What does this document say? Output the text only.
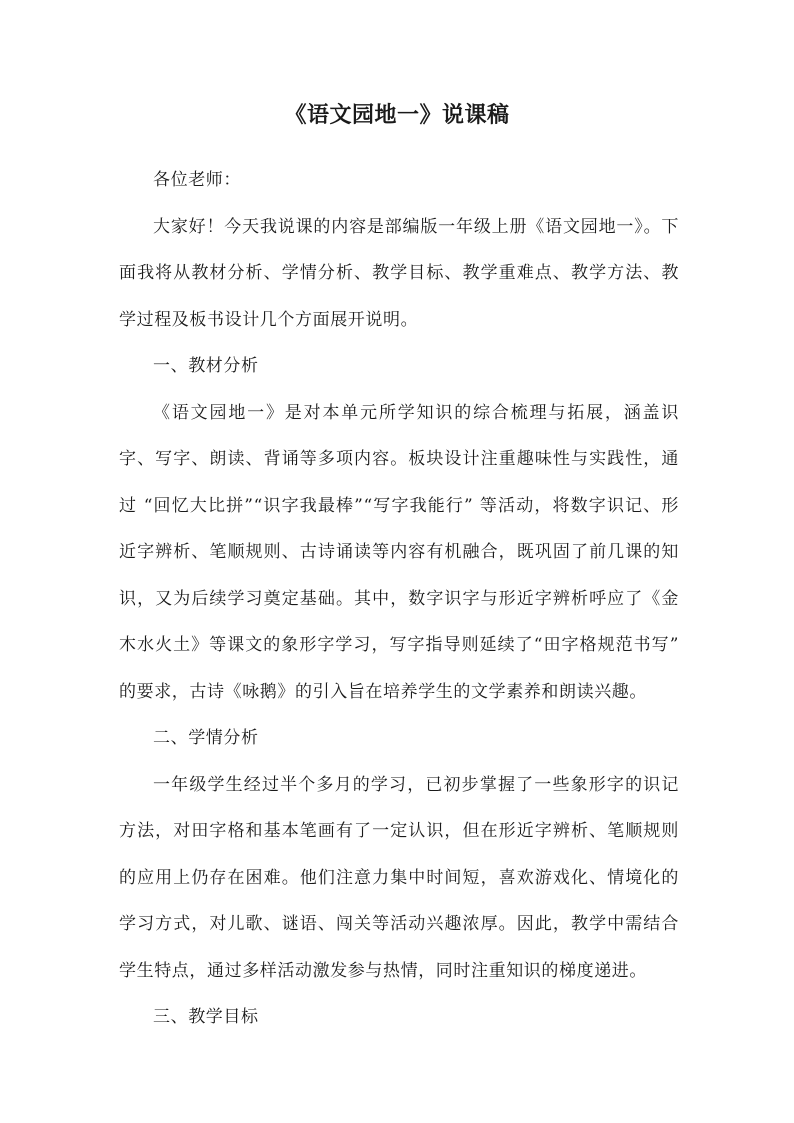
《语文园地一》说课稿

各位老师：

大家好！今天我说课的内容是部编版一年级上册《语文园地一》。下面我将从教材分析、学情分析、教学目标、教学重难点、教学方法、教学过程及板书设计几个方面展开说明。

一、教材分析

《语文园地一》是对本单元所学知识的综合梳理与拓展，涵盖识字、写字、朗读、背诵等多项内容。板块设计注重趣味性与实践性，通过 “回忆大比拼”“识字我最棒”“写字我能行” 等活动，将数字识记、形近字辨析、笔顺规则、古诗诵读等内容有机融合，既巩固了前几课的知识，又为后续学习奠定基础。其中，数字识字与形近字辨析呼应了《金木水火土》等课文的象形字学习，写字指导则延续了“田字格规范书写” 的要求，古诗《咏鹅》的引入旨在培养学生的文学素养和朗读兴趣。

二、学情分析

一年级学生经过半个多月的学习，已初步掌握了一些象形字的识记方法，对田字格和基本笔画有了一定认识，但在形近字辨析、笔顺规则的应用上仍存在困难。他们注意力集中时间短，喜欢游戏化、情境化的学习方式，对儿歌、谜语、闯关等活动兴趣浓厚。因此，教学中需结合学生特点，通过多样活动激发参与热情，同时注重知识的梯度递进。

三、教学目标
